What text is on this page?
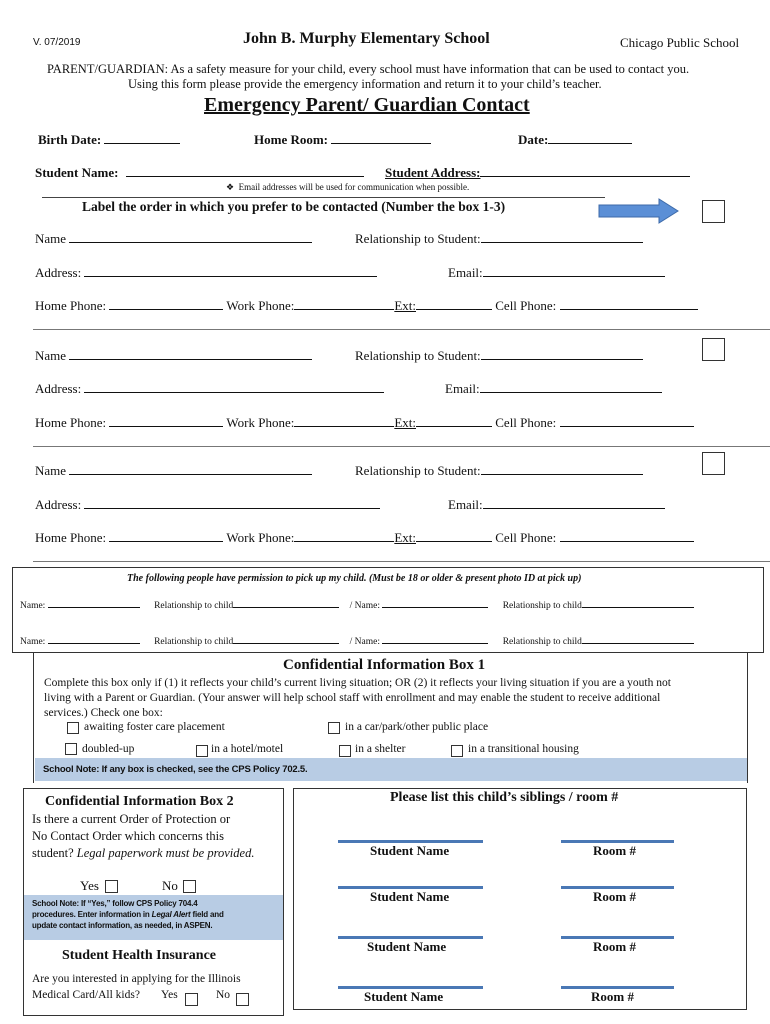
V. 07/2019	John B. Murphy Elementary School	Chicago Public School
PARENT/GUARDIAN: As a safety measure for your child, every school must have information that can be used to contact you.
Using this form please provide the emergency information and return it to your child’s teacher.
Emergency Parent/ Guardian Contact
Birth Date:	Home Room:	Date:
Student Name:	Student Address:
❖ Email addresses will be used for communication when possible.
Label the order in which you prefer to be contacted (Number the box 1-3)
Name	Relationship to Student:
Address:	Email:
Home Phone:	Work Phone:	Ext:	Cell Phone:
Name	Relationship to Student:
Address:	Email:
Home Phone:	Work Phone:	Ext:	Cell Phone:
Name	Relationship to Student:
Address:	Email:
Home Phone:	Work Phone:	Ext:	Cell Phone:
The following people have permission to pick up my child. (Must be 18 or older & present photo ID at pick up)
Name:	Relationship to child	/ Name:	Relationship to child
Name:	Relationship to child	/ Name:	Relationship to child
Confidential Information Box 1
Complete this box only if (1) it reflects your child’s current living situation; OR (2) it reflects your living situation if you are a youth not
living with a Parent or Guardian. (Your answer will help school staff with enrollment and may enable the student to receive additional
services.) Check one box:
awaiting foster care placement	in a car/park/other public place
doubled-up	in a hotel/motel	in a shelter	in a transitional housing
School Note: If any box is checked, see the CPS Policy 702.5.
Confidential Information Box 2
Is there a current Order of Protection or
No Contact Order which concerns this
student? Legal paperwork must be provided.
Yes	No
School Note: If “Yes,” follow CPS Policy 704.4
procedures. Enter information in Legal Alert field and
update contact information, as needed, in ASPEN.
Student Health Insurance
Are you interested in applying for the Illinois
Medical Card/All kids? Yes	No
Please list this child’s siblings / room #
Student Name	Room #
Student Name	Room #
Student Name	Room #
Student Name	Room #
